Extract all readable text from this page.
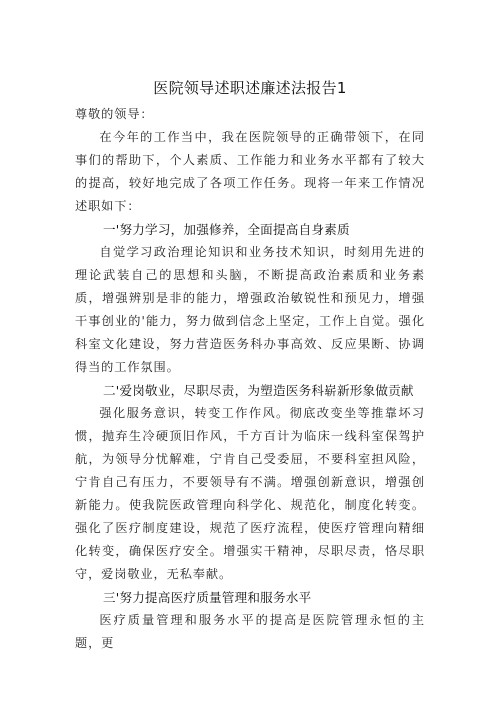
医院领导述职述廉述法报告1

尊敬的领导：

在今年的工作当中，我在医院领导的正确带领下，在同事们的帮助下，个人素质、工作能力和业务水平都有了较大的提高，较好地完成了各项工作任务。现将一年来工作情况述职如下：

一'努力学习，加强修养，全面提高自身素质

自觉学习政治理论知识和业务技术知识，时刻用先进的理论武装自己的思想和头脑，不断提高政治素质和业务素质，增强辨别是非的能力，增强政治敏锐性和预见力，增强干事创业的'能力，努力做到信念上坚定，工作上自觉。强化科室文化建设，努力营造医务科办事高效、反应果断、协调得当的工作氛围。

二'爱岗敬业，尽职尽责，为塑造医务科崭新形象做贡献

强化服务意识，转变工作作风。彻底改变坐等推靠坏习惯，抛弃生冷硬顶旧作风，千方百计为临床一线科室保驾护航，为领导分忧解难，宁肯自己受委屈，不要科室担风险，宁肯自己有压力，不要领导有不满。增强创新意识，增强创新能力。使我院医政管理向科学化、规范化，制度化转变。强化了医疗制度建设，规范了医疗流程，使医疗管理向精细化转变，确保医疗安全。增强实干精神，尽职尽责，恪尽职守，爱岗敬业，无私奉献。

三'努力提高医疗质量管理和服务水平

医疗质量管理和服务水平的提高是医院管理永恒的主题，更
